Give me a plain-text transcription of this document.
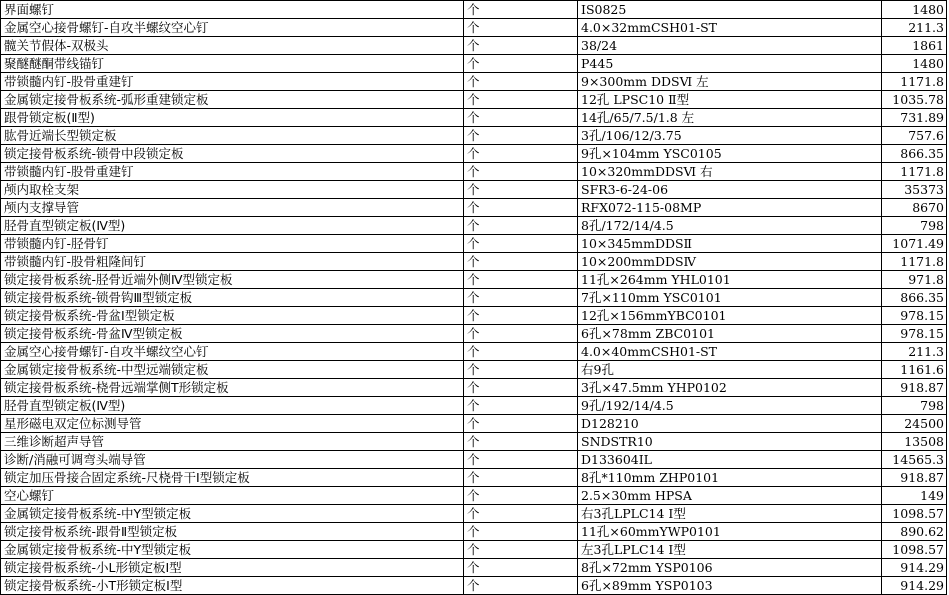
界面螺钉	个	IS0825	1480
金属空心接骨螺钉-自攻半螺纹空心钉	个	4.0×32mmCSH01-ST	211.3
髋关节假体-双极头	个	38/24	1861
聚醚醚酮带线锚钉	个	P445	1480
带锁髓内钉-股骨重建钉	个	9×300mm DDSⅥ 左	1171.8
金属锁定接骨板系统-弧形重建锁定板	个	12孔 LPSC10 Ⅱ型	1035.78
跟骨锁定板(Ⅱ型)	个	14孔/65/7.5/1.8 左	731.89
肱骨近端长型锁定板	个	3孔/106/12/3.75	757.6
锁定接骨板系统-锁骨中段锁定板	个	9孔×104mm YSC0105	866.35
带锁髓内钉-股骨重建钉	个	10×320mmDDSⅥ 右	1171.8
颅内取栓支架	个	SFR3-6-24-06	35373
颅内支撑导管	个	RFX072-115-08MP	8670
胫骨直型锁定板(Ⅳ型)	个	8孔/172/14/4.5	798
带锁髓内钉-胫骨钉	个	10×345mmDDSⅡ	1071.49
带锁髓内钉-股骨粗隆间钉	个	10×200mmDDSⅣ	1171.8
锁定接骨板系统-胫骨近端外侧Ⅳ型锁定板	个	11孔×264mm YHL0101	971.8
锁定接骨板系统-锁骨钩Ⅲ型锁定板	个	7孔×110mm YSC0101	866.35
锁定接骨板系统-骨盆Ⅰ型锁定板	个	12孔×156mmYBC0101	978.15
锁定接骨板系统-骨盆Ⅳ型锁定板	个	6孔×78mm ZBC0101	978.15
金属空心接骨螺钉-自攻半螺纹空心钉	个	4.0×40mmCSH01-ST	211.3
金属锁定接骨板系统-中型远端锁定板	个	右9孔	1161.6
锁定接骨板系统-桡骨远端掌侧T形锁定板	个	3孔×47.5mm YHP0102	918.87
胫骨直型锁定板(Ⅳ型)	个	9孔/192/14/4.5	798
星形磁电双定位标测导管	个	D128210	24500
三维诊断超声导管	个	SNDSTR10	13508
诊断/消融可调弯头端导管	个	D133604IL	14565.3
锁定加压骨接合固定系统-尺桡骨干I型锁定板	个	8孔*110mm ZHP0101	918.87
空心螺钉	个	2.5×30mm HPSA	149
金属锁定接骨板系统-中Y型锁定板	个	右3孔LPLC14 Ⅰ型	1098.57
锁定接骨板系统-跟骨Ⅱ型锁定板	个	11孔×60mmYWP0101	890.62
金属锁定接骨板系统-中Y型锁定板	个	左3孔LPLC14 Ⅰ型	1098.57
锁定接骨板系统-小L形锁定板Ⅰ型	个	8孔×72mm YSP0106	914.29
锁定接骨板系统-小T形锁定板Ⅰ型	个	6孔×89mm YSP0103	914.29
